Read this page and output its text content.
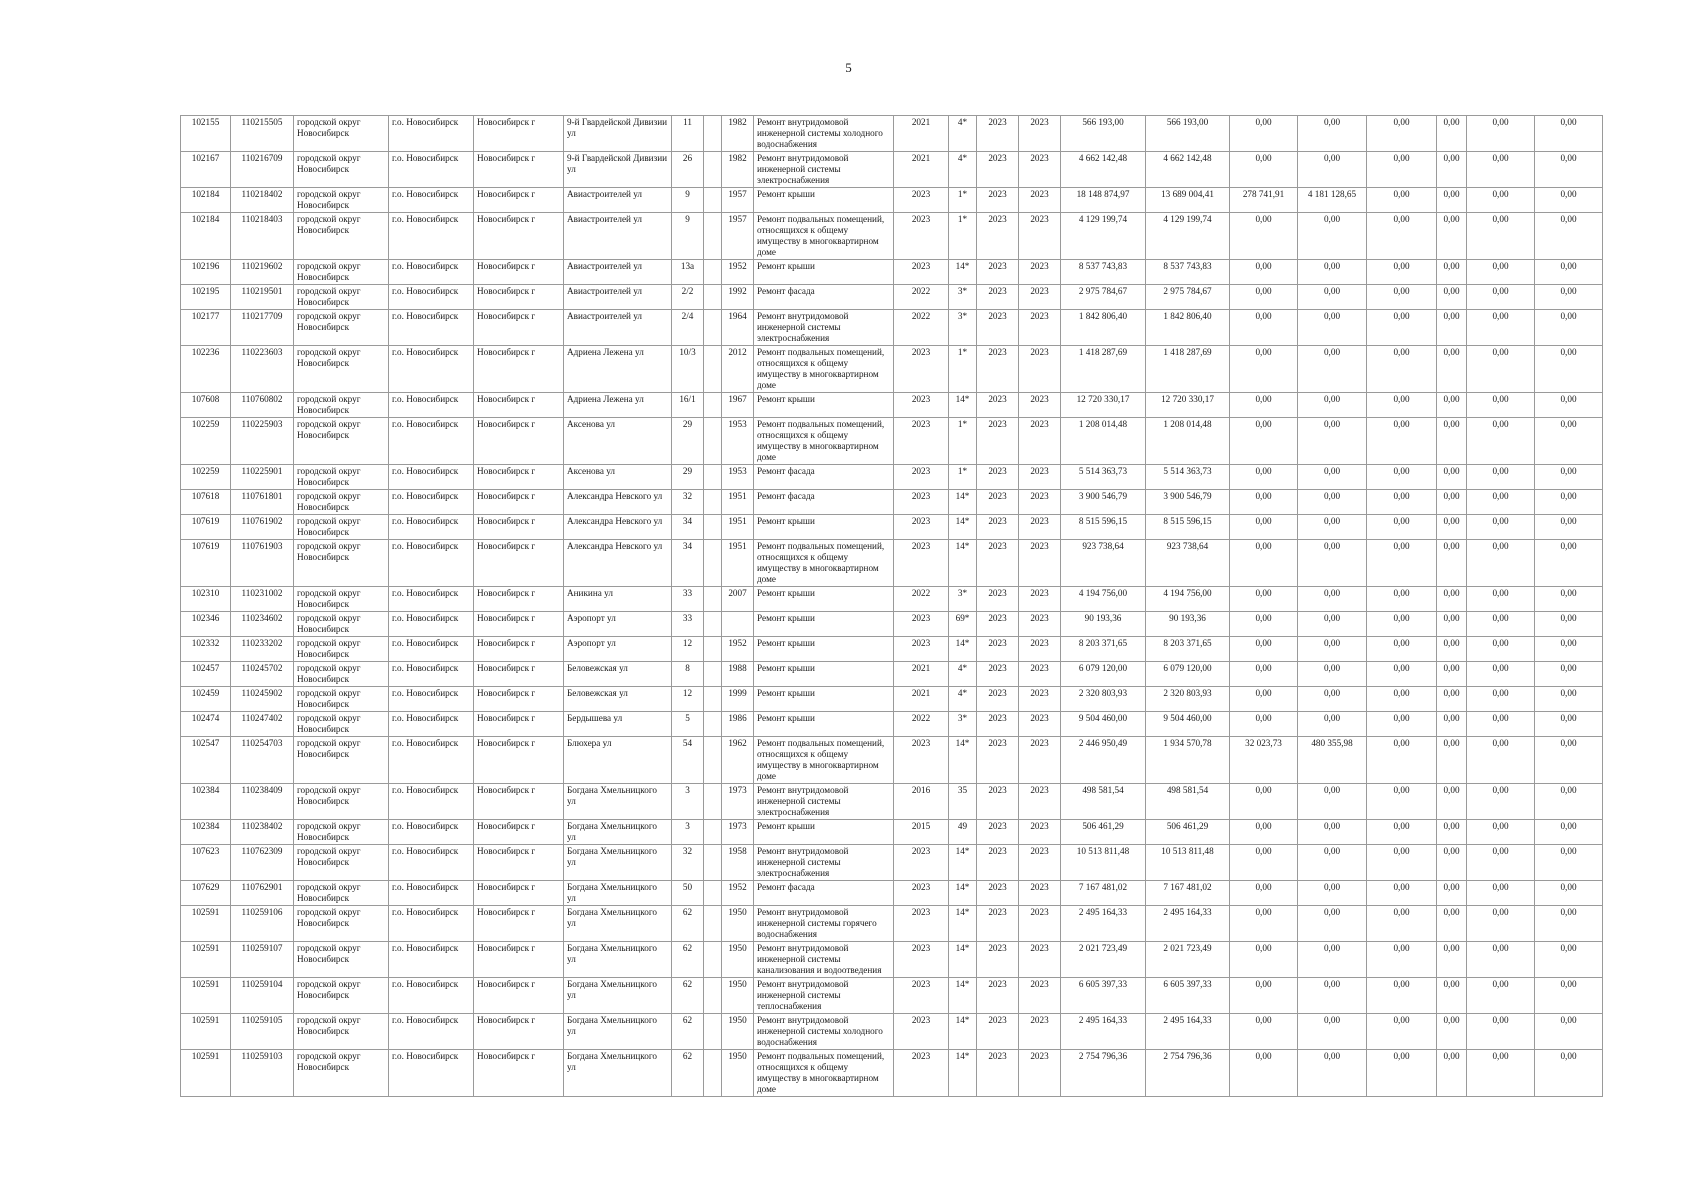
5
102155	110215505	городской округ Новосибирск	г.о. Новосибирск	Новосибирск г	9-й Гвардейской Дивизии ул	11		1982	Ремонт внутридомовой инженерной системы холодного водоснабжения	2021	4*	2023	2023	566 193,00	566 193,00	0,00	0,00	0,00	0,00	0,00	0,00
102167	110216709	городской округ Новосибирск	г.о. Новосибирск	Новосибирск г	9-й Гвардейской Дивизии ул	26		1982	Ремонт внутридомовой инженерной системы электроснабжения	2021	4*	2023	2023	4 662 142,48	4 662 142,48	0,00	0,00	0,00	0,00	0,00	0,00
102184	110218402	городской округ Новосибирск	г.о. Новосибирск	Новосибирск г	Авиастроителей ул	9		1957	Ремонт крыши	2023	1*	2023	2023	18 148 874,97	13 689 004,41	278 741,91	4 181 128,65	0,00	0,00	0,00	0,00
102184	110218403	городской округ Новосибирск	г.о. Новосибирск	Новосибирск г	Авиастроителей ул	9		1957	Ремонт подвальных помещений, относящихся к общему имуществу в многоквартирном доме	2023	1*	2023	2023	4 129 199,74	4 129 199,74	0,00	0,00	0,00	0,00	0,00	0,00
102196	110219602	городской округ Новосибирск	г.о. Новосибирск	Новосибирск г	Авиастроителей ул	13а		1952	Ремонт крыши	2023	14*	2023	2023	8 537 743,83	8 537 743,83	0,00	0,00	0,00	0,00	0,00	0,00
102195	110219501	городской округ Новосибирск	г.о. Новосибирск	Новосибирск г	Авиастроителей ул	2/2		1992	Ремонт фасада	2022	3*	2023	2023	2 975 784,67	2 975 784,67	0,00	0,00	0,00	0,00	0,00	0,00
102177	110217709	городской округ Новосибирск	г.о. Новосибирск	Новосибирск г	Авиастроителей ул	2/4		1964	Ремонт внутридомовой инженерной системы электроснабжения	2022	3*	2023	2023	1 842 806,40	1 842 806,40	0,00	0,00	0,00	0,00	0,00	0,00
102236	110223603	городской округ Новосибирск	г.о. Новосибирск	Новосибирск г	Адриена Лежена ул	10/3		2012	Ремонт подвальных помещений, относящихся к общему имуществу в многоквартирном доме	2023	1*	2023	2023	1 418 287,69	1 418 287,69	0,00	0,00	0,00	0,00	0,00	0,00
107608	110760802	городской округ Новосибирск	г.о. Новосибирск	Новосибирск г	Адриена Лежена ул	16/1		1967	Ремонт крыши	2023	14*	2023	2023	12 720 330,17	12 720 330,17	0,00	0,00	0,00	0,00	0,00	0,00
102259	110225903	городской округ Новосибирск	г.о. Новосибирск	Новосибирск г	Аксенова ул	29		1953	Ремонт подвальных помещений, относящихся к общему имуществу в многоквартирном доме	2023	1*	2023	2023	1 208 014,48	1 208 014,48	0,00	0,00	0,00	0,00	0,00	0,00
102259	110225901	городской округ Новосибирск	г.о. Новосибирск	Новосибирск г	Аксенова ул	29		1953	Ремонт фасада	2023	1*	2023	2023	5 514 363,73	5 514 363,73	0,00	0,00	0,00	0,00	0,00	0,00
107618	110761801	городской округ Новосибирск	г.о. Новосибирск	Новосибирск г	Александра Невского ул	32		1951	Ремонт фасада	2023	14*	2023	2023	3 900 546,79	3 900 546,79	0,00	0,00	0,00	0,00	0,00	0,00
107619	110761902	городской округ Новосибирск	г.о. Новосибирск	Новосибирск г	Александра Невского ул	34		1951	Ремонт крыши	2023	14*	2023	2023	8 515 596,15	8 515 596,15	0,00	0,00	0,00	0,00	0,00	0,00
107619	110761903	городской округ Новосибирск	г.о. Новосибирск	Новосибирск г	Александра Невского ул	34		1951	Ремонт подвальных помещений, относящихся к общему имуществу в многоквартирном доме	2023	14*	2023	2023	923 738,64	923 738,64	0,00	0,00	0,00	0,00	0,00	0,00
102310	110231002	городской округ Новосибирск	г.о. Новосибирск	Новосибирск г	Аникина ул	33		2007	Ремонт крыши	2022	3*	2023	2023	4 194 756,00	4 194 756,00	0,00	0,00	0,00	0,00	0,00	0,00
102346	110234602	городской округ Новосибирск	г.о. Новосибирск	Новосибирск г	Аэропорт ул	33			Ремонт крыши	2023	69*	2023	2023	90 193,36	90 193,36	0,00	0,00	0,00	0,00	0,00	0,00
102332	110233202	городской округ Новосибирск	г.о. Новосибирск	Новосибирск г	Аэропорт ул	12		1952	Ремонт крыши	2023	14*	2023	2023	8 203 371,65	8 203 371,65	0,00	0,00	0,00	0,00	0,00	0,00
102457	110245702	городской округ Новосибирск	г.о. Новосибирск	Новосибирск г	Беловежская ул	8		1988	Ремонт крыши	2021	4*	2023	2023	6 079 120,00	6 079 120,00	0,00	0,00	0,00	0,00	0,00	0,00
102459	110245902	городской округ Новосибирск	г.о. Новосибирск	Новосибирск г	Беловежская ул	12		1999	Ремонт крыши	2021	4*	2023	2023	2 320 803,93	2 320 803,93	0,00	0,00	0,00	0,00	0,00	0,00
102474	110247402	городской округ Новосибирск	г.о. Новосибирск	Новосибирск г	Бердышева ул	5		1986	Ремонт крыши	2022	3*	2023	2023	9 504 460,00	9 504 460,00	0,00	0,00	0,00	0,00	0,00	0,00
102547	110254703	городской округ Новосибирск	г.о. Новосибирск	Новосибирск г	Блюхера ул	54		1962	Ремонт подвальных помещений, относящихся к общему имуществу в многоквартирном доме	2023	14*	2023	2023	2 446 950,49	1 934 570,78	32 023,73	480 355,98	0,00	0,00	0,00	0,00
102384	110238409	городской округ Новосибирск	г.о. Новосибирск	Новосибирск г	Богдана Хмельницкого ул	3		1973	Ремонт внутридомовой инженерной системы электроснабжения	2016	35	2023	2023	498 581,54	498 581,54	0,00	0,00	0,00	0,00	0,00	0,00
102384	110238402	городской округ Новосибирск	г.о. Новосибирск	Новосибирск г	Богдана Хмельницкого ул	3		1973	Ремонт крыши	2015	49	2023	2023	506 461,29	506 461,29	0,00	0,00	0,00	0,00	0,00	0,00
107623	110762309	городской округ Новосибирск	г.о. Новосибирск	Новосибирск г	Богдана Хмельницкого ул	32		1958	Ремонт внутридомовой инженерной системы электроснабжения	2023	14*	2023	2023	10 513 811,48	10 513 811,48	0,00	0,00	0,00	0,00	0,00	0,00
107629	110762901	городской округ Новосибирск	г.о. Новосибирск	Новосибирск г	Богдана Хмельницкого ул	50		1952	Ремонт фасада	2023	14*	2023	2023	7 167 481,02	7 167 481,02	0,00	0,00	0,00	0,00	0,00	0,00
102591	110259106	городской округ Новосибирск	г.о. Новосибирск	Новосибирск г	Богдана Хмельницкого ул	62		1950	Ремонт внутридомовой инженерной системы горячего водоснабжения	2023	14*	2023	2023	2 495 164,33	2 495 164,33	0,00	0,00	0,00	0,00	0,00	0,00
102591	110259107	городской округ Новосибирск	г.о. Новосибирск	Новосибирск г	Богдана Хмельницкого ул	62		1950	Ремонт внутридомовой инженерной системы канализования и водоотведения	2023	14*	2023	2023	2 021 723,49	2 021 723,49	0,00	0,00	0,00	0,00	0,00	0,00
102591	110259104	городской округ Новосибирск	г.о. Новосибирск	Новосибирск г	Богдана Хмельницкого ул	62		1950	Ремонт внутридомовой инженерной системы теплоснабжения	2023	14*	2023	2023	6 605 397,33	6 605 397,33	0,00	0,00	0,00	0,00	0,00	0,00
102591	110259105	городской округ Новосибирск	г.о. Новосибирск	Новосибирск г	Богдана Хмельницкого ул	62		1950	Ремонт внутридомовой инженерной системы холодного водоснабжения	2023	14*	2023	2023	2 495 164,33	2 495 164,33	0,00	0,00	0,00	0,00	0,00	0,00
102591	110259103	городской округ Новосибирск	г.о. Новосибирск	Новосибирск г	Богдана Хмельницкого ул	62		1950	Ремонт подвальных помещений, относящихся к общему имуществу в многоквартирном доме	2023	14*	2023	2023	2 754 796,36	2 754 796,36	0,00	0,00	0,00	0,00	0,00	0,00
